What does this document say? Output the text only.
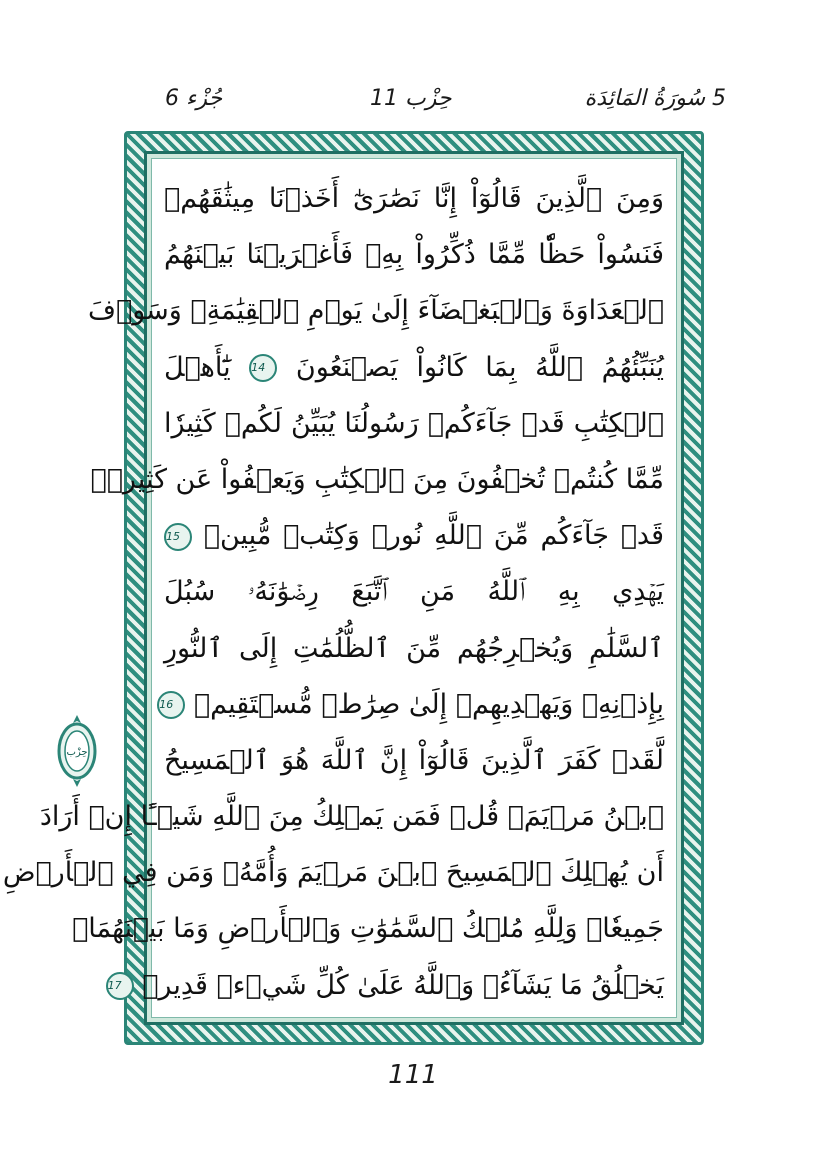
5 سُورَةُ المَائِدَة
حِزْب 11
جُزْء 6
وَمِنَ ٱلَّذِينَ قَالُوٓاْ إِنَّا نَصَٰرَىٰٓ أَخَذۡنَا مِيثَٰقَهُمۡ
فَنَسُواْ حَظّٗا مِّمَّا ذُكِّرُواْ بِهِۦ فَأَغۡرَيۡنَا بَيۡنَهُمُ
ٱلۡعَدَاوَةَ وَٱلۡبَغۡضَآءَ إِلَىٰ يَوۡمِ ٱلۡقِيَٰمَةِۚ وَسَوۡفَ
يُنَبِّئُهُمُ ٱللَّهُ بِمَا كَانُواْ يَصۡنَعُونَ 14 يَٰٓأَهۡلَ
ٱلۡكِتَٰبِ قَدۡ جَآءَكُمۡ رَسُولُنَا يُبَيِّنُ لَكُمۡ كَثِيرٗا
مِّمَّا كُنتُمۡ تُخۡفُونَ مِنَ ٱلۡكِتَٰبِ وَيَعۡفُواْ عَن كَثِيرٖۚ
قَدۡ جَآءَكُم مِّنَ ٱللَّهِ نُورٞ وَكِتَٰبٞ مُّبِينٞ 15
يَهۡدِي بِهِ ٱللَّهُ مَنِ ٱتَّبَعَ رِضۡوَٰنَهُۥ سُبُلَ
ٱلسَّلَٰمِ وَيُخۡرِجُهُم مِّنَ ٱلظُّلُمَٰتِ إِلَى ٱلنُّورِ
بِإِذۡنِهِۦ وَيَهۡدِيهِمۡ إِلَىٰ صِرَٰطٖ مُّسۡتَقِيمٖ 16
لَّقَدۡ كَفَرَ ٱلَّذِينَ قَالُوٓاْ إِنَّ ٱللَّهَ هُوَ ٱلۡمَسِيحُ
ٱبۡنُ مَرۡيَمَۚ قُلۡ فَمَن يَمۡلِكُ مِنَ ٱللَّهِ شَيۡـًٔا إِنۡ أَرَادَ
أَن يُهۡلِكَ ٱلۡمَسِيحَ ٱبۡنَ مَرۡيَمَ وَأُمَّهُۥ وَمَن فِي ٱلۡأَرۡضِ
جَمِيعٗاۗ وَلِلَّهِ مُلۡكُ ٱلسَّمَٰوَٰتِ وَٱلۡأَرۡضِ وَمَا بَيۡنَهُمَاۚ
يَخۡلُقُ مَا يَشَآءُۚ وَٱللَّهُ عَلَىٰ كُلِّ شَيۡءٖ قَدِيرٞ 17
حِزْب
111
